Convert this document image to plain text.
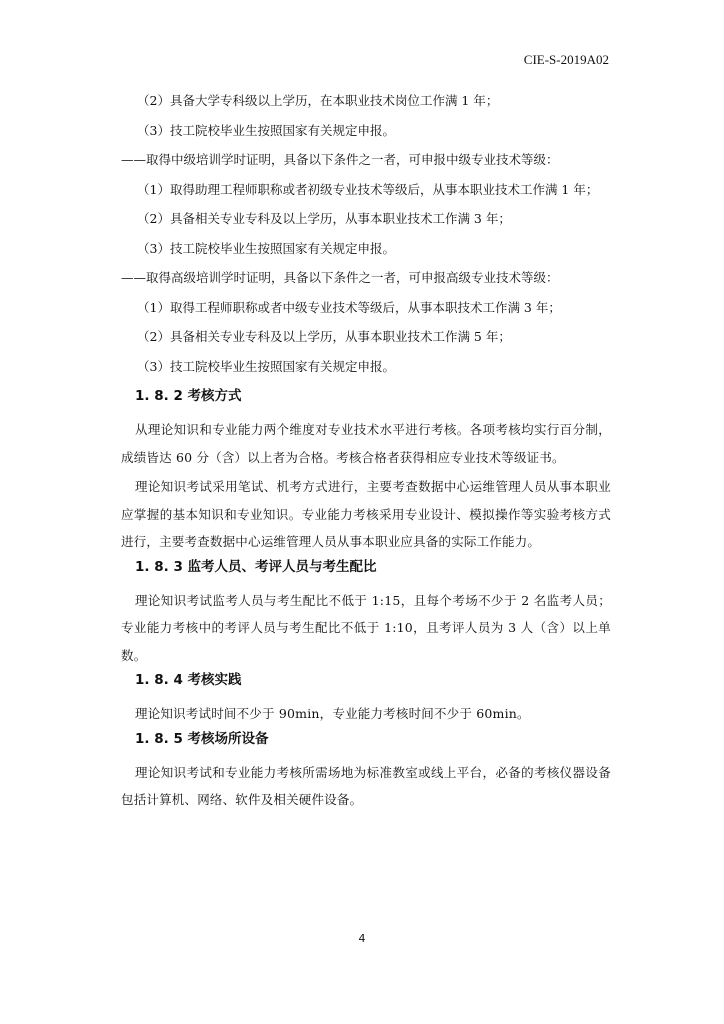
CIE-S-2019A02

（2）具备大学专科级以上学历，在本职业技术岗位工作满 1 年；

（3）技工院校毕业生按照国家有关规定申报。

——取得中级培训学时证明，具备以下条件之一者，可申报中级专业技术等级：

（1）取得助理工程师职称或者初级专业技术等级后，从事本职业技术工作满 1 年；

（2）具备相关专业专科及以上学历，从事本职业技术工作满 3 年；

（3）技工院校毕业生按照国家有关规定申报。

——取得高级培训学时证明，具备以下条件之一者，可申报高级专业技术等级：

（1）取得工程师职称或者中级专业技术等级后，从事本职技术工作满 3 年；

（2）具备相关专业专科及以上学历，从事本职业技术工作满 5 年；

（3）技工院校毕业生按照国家有关规定申报。

1. 8. 2 考核方式

从理论知识和专业能力两个维度对专业技术水平进行考核。各项考核均实行百分制，成绩皆达 60 分（含）以上者为合格。考核合格者获得相应专业技术等级证书。

理论知识考试采用笔试、机考方式进行，主要考查数据中心运维管理人员从事本职业应掌握的基本知识和专业知识。专业能力考核采用专业设计、模拟操作等实验考核方式进行，主要考查数据中心运维管理人员从事本职业应具备的实际工作能力。

1. 8. 3 监考人员、考评人员与考生配比

理论知识考试监考人员与考生配比不低于 1:15，且每个考场不少于 2 名监考人员；专业能力考核中的考评人员与考生配比不低于 1:10，且考评人员为 3 人（含）以上单数。

1. 8. 4 考核实践

理论知识考试时间不少于 90min，专业能力考核时间不少于 60min。

1. 8. 5 考核场所设备

理论知识考试和专业能力考核所需场地为标准教室或线上平台，必备的考核仪器设备包括计算机、网络、软件及相关硬件设备。

4
